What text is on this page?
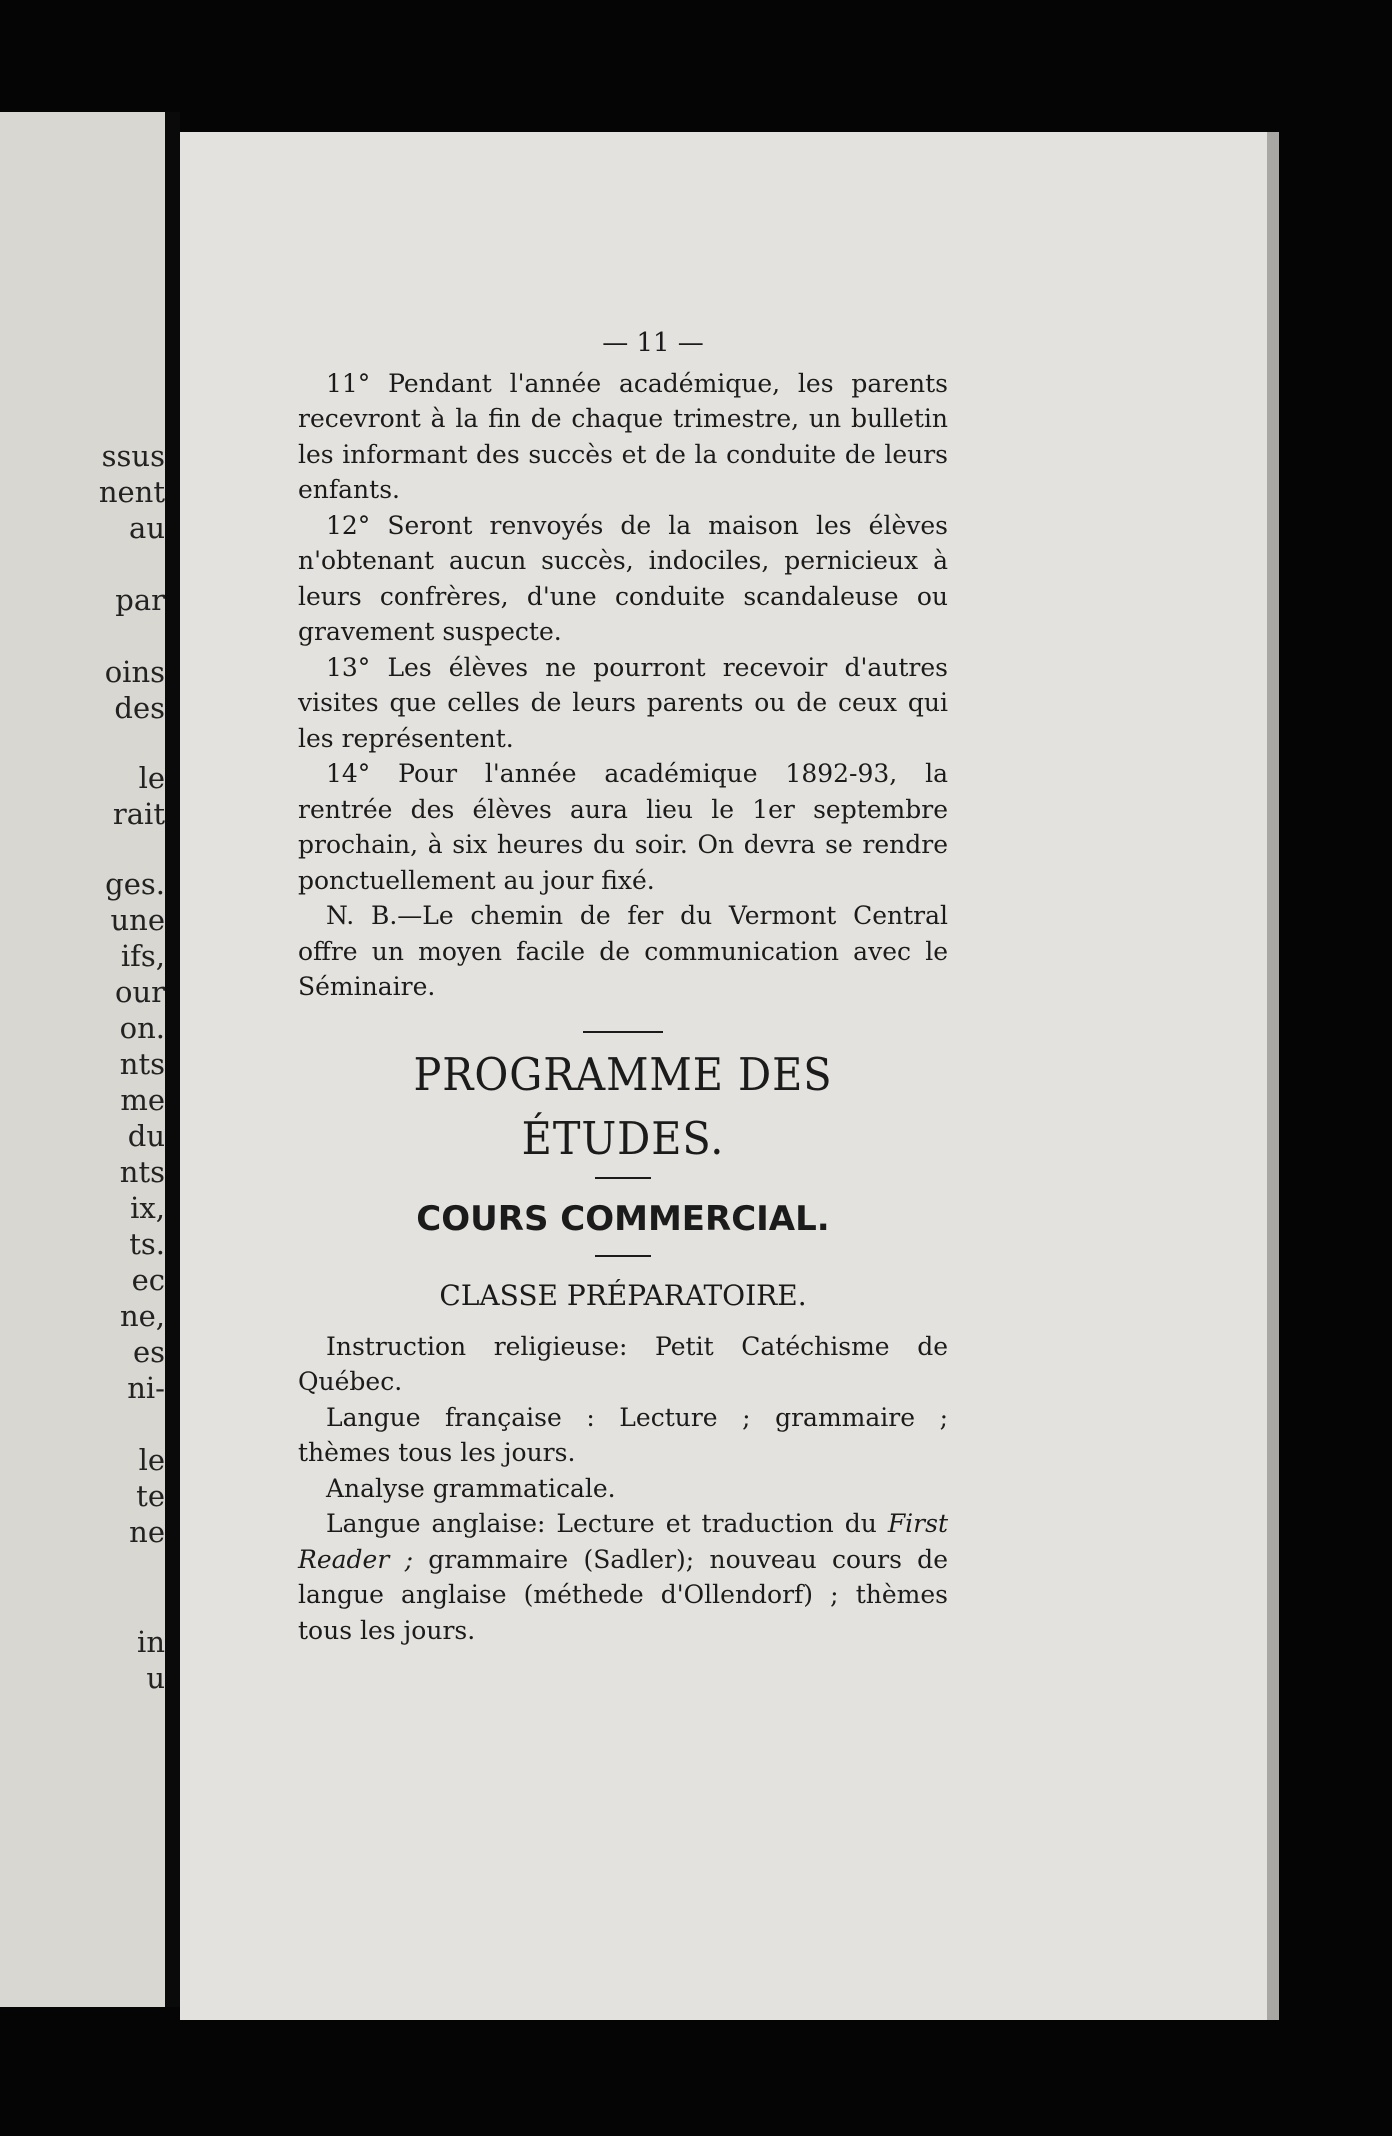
ssus
nent
au
par
oins
des
le
rait
ges.
une
ifs,
our
on.
nts
me
du
nts
ix,
ts.
ec
ne,
es
ni-
le
te
ne
in
u
— 11 —

11° Pendant l'année académique, les parents recevront à la fin de chaque trimestre, un bulletin les informant des succès et de la conduite de leurs enfants.

12° Seront renvoyés de la maison les élèves n'obtenant aucun succès, indociles, pernicieux à leurs confrères, d'une conduite scandaleuse ou gravement suspecte.

13° Les élèves ne pourront recevoir d'autres visites que celles de leurs parents ou de ceux qui les représentent.

14° Pour l'année académique 1892-93, la rentrée des élèves aura lieu le 1er septembre prochain, à six heures du soir. On devra se rendre ponctuellement au jour fixé.

N. B.—Le chemin de fer du Vermont Central offre un moyen facile de communication avec le Séminaire.

PROGRAMME DES ÉTUDES.
COURS COMMERCIAL.
CLASSE PRÉPARATOIRE.

Instruction religieuse: Petit Catéchisme de Québec.

Langue française : Lecture ; grammaire ; thèmes tous les jours.

Analyse grammaticale.

Langue anglaise: Lecture et traduction du First Reader ; grammaire (Sadler); nouveau cours de langue anglaise (méthede d'Ollendorf) ; thèmes tous les jours.
